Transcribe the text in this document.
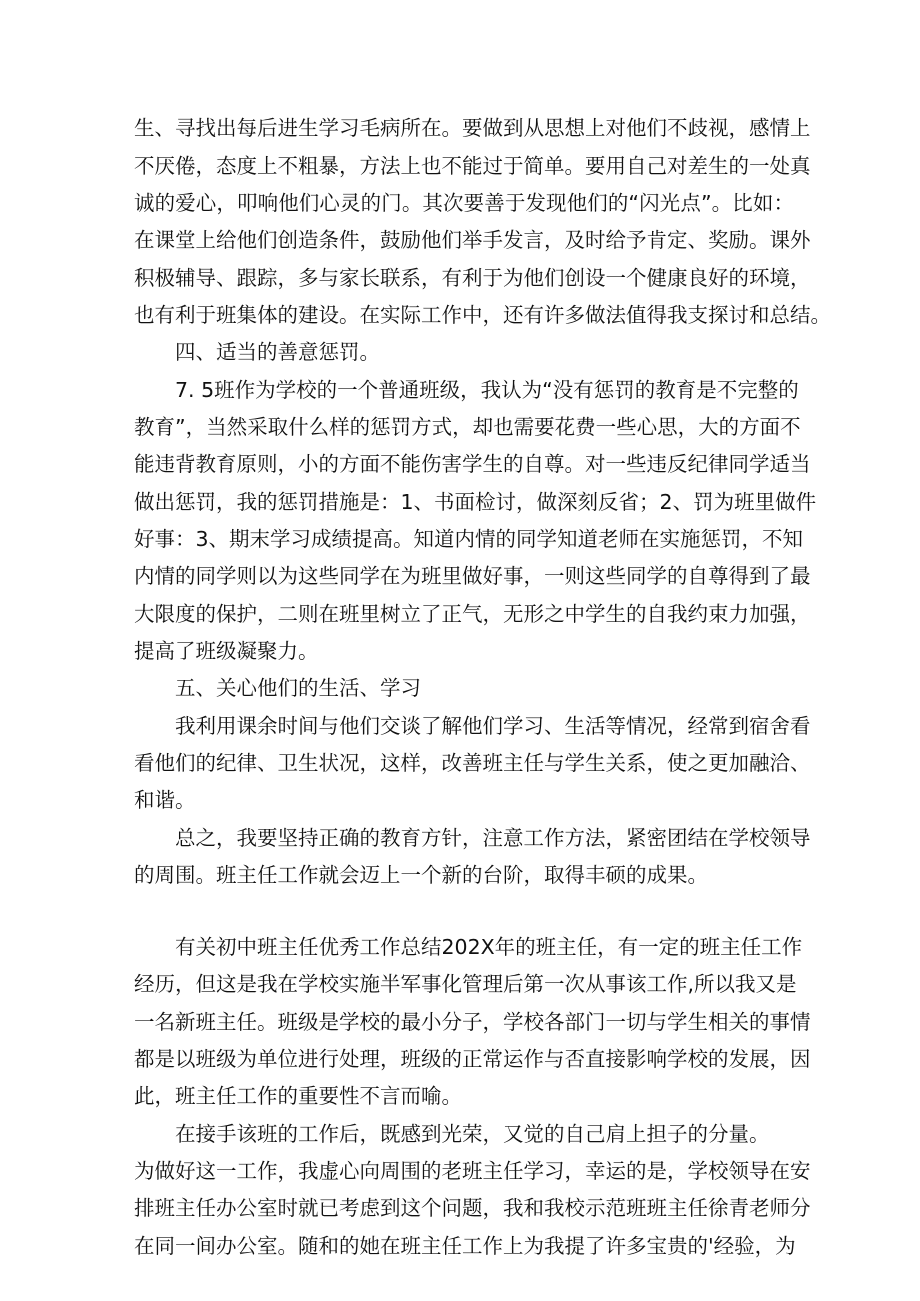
生、寻找出每后进生学习毛病所在。要做到从思想上对他们不歧视，感情上

不厌倦，态度上不粗暴，方法上也不能过于简单。要用自己对差生的一处真

诚的爱心，叩响他们心灵的门。其次要善于发现他们的“闪光点”。比如：

在课堂上给他们创造条件，鼓励他们举手发言，及时给予肯定、奖励。课外

积极辅导、跟踪，多与家长联系，有利于为他们创设一个健康良好的环境，

也有利于班集体的建设。在实际工作中，还有许多做法值得我支探讨和总结。

四、适当的善意惩罚。

7. 5班作为学校的一个普通班级，我认为“没有惩罚的教育是不完整的

教育”，当然采取什么样的惩罚方式，却也需要花费一些心思，大的方面不

能违背教育原则，小的方面不能伤害学生的自尊。对一些违反纪律同学适当

做出惩罚，我的惩罚措施是：1、书面检讨，做深刻反省；2、罚为班里做件

好事：3、期末学习成绩提高。知道内情的同学知道老师在实施惩罚，不知

内情的同学则以为这些同学在为班里做好事，一则这些同学的自尊得到了最

大限度的保护，二则在班里树立了正气，无形之中学生的自我约束力加强，

提高了班级凝聚力。

五、关心他们的生活、学习

我利用课余时间与他们交谈了解他们学习、生活等情况，经常到宿舍看

看他们的纪律、卫生状况，这样，改善班主任与学生关系，使之更加融洽、

和谐。

总之，我要坚持正确的教育方针，注意工作方法，紧密团结在学校领导

的周围。班主任工作就会迈上一个新的台阶，取得丰硕的成果。

有关初中班主任优秀工作总结202X年的班主任，有一定的班主任工作

经历，但这是我在学校实施半军事化管理后第一次从事该工作,所以我又是

一名新班主任。班级是学校的最小分子，学校各部门一切与学生相关的事情

都是以班级为单位进行处理，班级的正常运作与否直接影响学校的发展，因

此，班主任工作的重要性不言而喻。

在接手该班的工作后，既感到光荣，又觉的自己肩上担子的分量。

为做好这一工作，我虚心向周围的老班主任学习，幸运的是，学校领导在安

排班主任办公室时就已考虑到这个问题，我和我校示范班班主任徐青老师分

在同一间办公室。随和的她在班主任工作上为我提了许多宝贵的'经验，为
